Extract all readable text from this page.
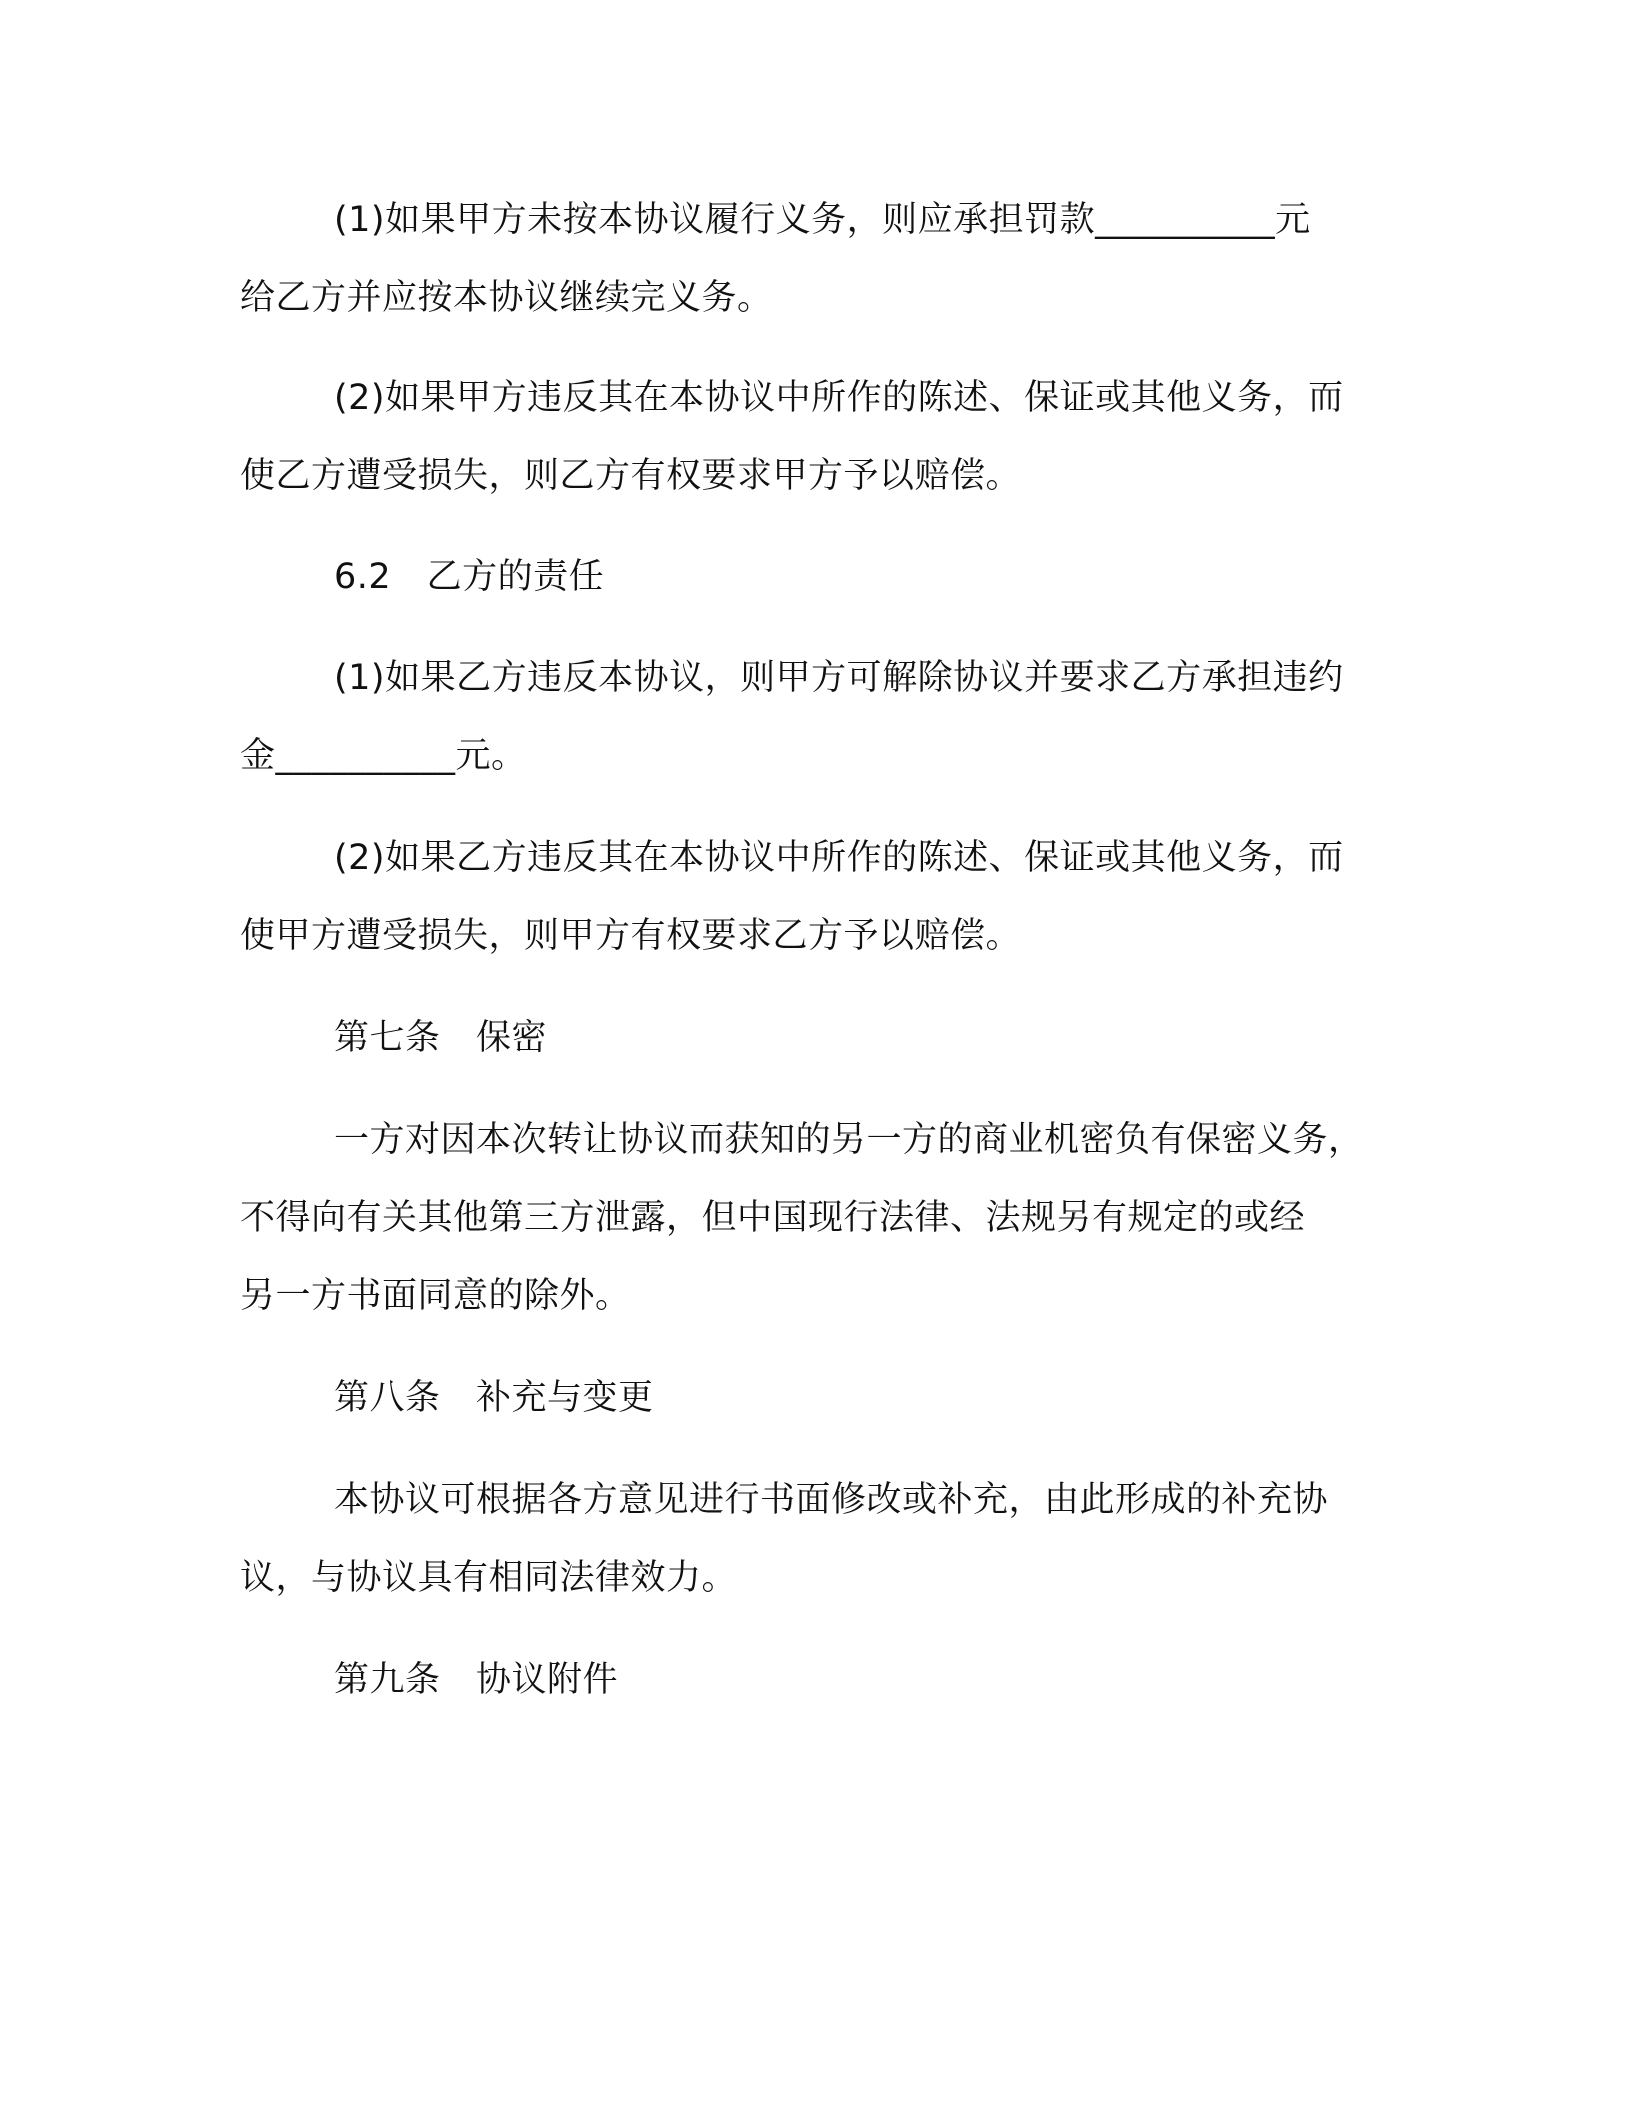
(1)如果甲方未按本协议履行义务，则应承担罚款__________元
给乙方并应按本协议继续完义务。
(2)如果甲方违反其在本协议中所作的陈述、保证或其他义务，而
使乙方遭受损失，则乙方有权要求甲方予以赔偿。
6.2　乙方的责任
(1)如果乙方违反本协议，则甲方可解除协议并要求乙方承担违约
金__________元。
(2)如果乙方违反其在本协议中所作的陈述、保证或其他义务，而
使甲方遭受损失，则甲方有权要求乙方予以赔偿。
第七条　保密
一方对因本次转让协议而获知的另一方的商业机密负有保密义务，
不得向有关其他第三方泄露，但中国现行法律、法规另有规定的或经
另一方书面同意的除外。
第八条　补充与变更
本协议可根据各方意见进行书面修改或补充，由此形成的补充协
议，与协议具有相同法律效力。
第九条　协议附件
